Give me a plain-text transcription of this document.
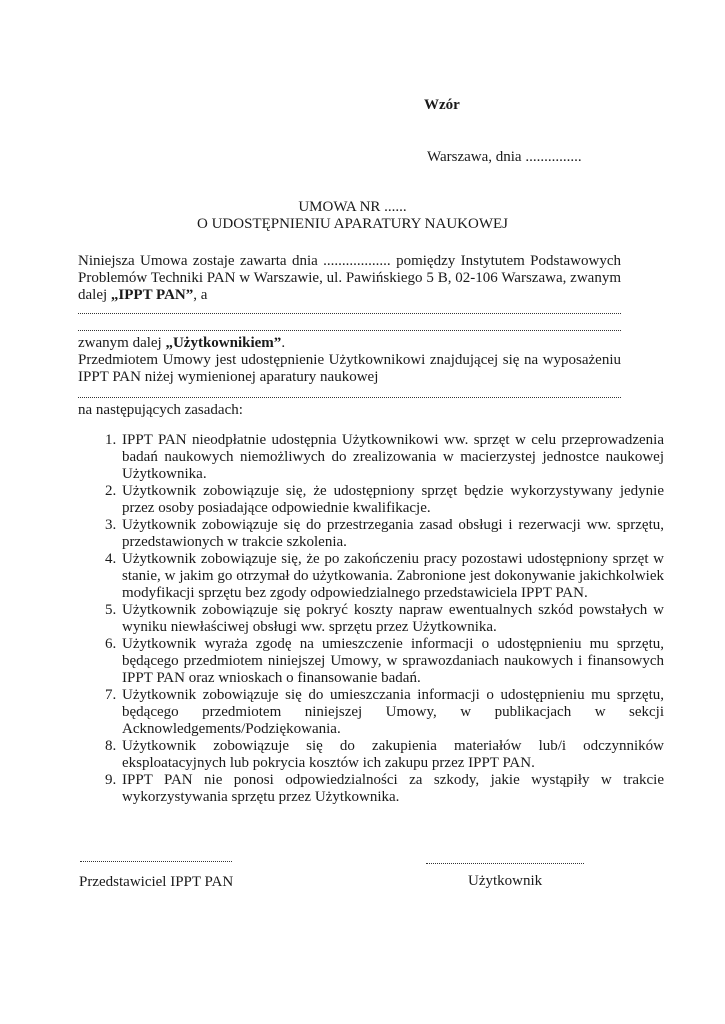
Wzór
Warszawa, dnia ...............
UMOWA NR ......
O UDOSTĘPNIENIU APARATURY NAUKOWEJ
Niniejsza Umowa zostaje zawarta dnia .................. pomiędzy Instytutem Podstawowych Problemów Techniki PAN w Warszawie, ul. Pawińskiego 5 B, 02-106 Warszawa, zwanym dalej „IPPT PAN”, a
zwanym dalej „Użytkownikiem”.
Przedmiotem Umowy jest udostępnienie Użytkownikowi znajdującej się na wyposażeniu IPPT PAN niżej wymienionej aparatury naukowej
na następujących zasadach:
1. IPPT PAN nieodpłatnie udostępnia Użytkownikowi ww. sprzęt w celu przeprowadzenia badań naukowych niemożliwych do zrealizowania w macierzystej jednostce naukowej Użytkownika.
2. Użytkownik zobowiązuje się, że udostępniony sprzęt będzie wykorzystywany jedynie przez osoby posiadające odpowiednie kwalifikacje.
3. Użytkownik zobowiązuje się do przestrzegania zasad obsługi i rezerwacji ww. sprzętu, przedstawionych w trakcie szkolenia.
4. Użytkownik zobowiązuje się, że po zakończeniu pracy pozostawi udostępniony sprzęt w stanie, w jakim go otrzymał do użytkowania. Zabronione jest dokonywanie jakichkolwiek modyfikacji sprzętu bez zgody odpowiedzialnego przedstawiciela IPPT PAN.
5. Użytkownik zobowiązuje się pokryć koszty napraw ewentualnych szkód powstałych w wyniku niewłaściwej obsługi ww. sprzętu przez Użytkownika.
6. Użytkownik wyraża zgodę na umieszczenie informacji o udostępnieniu mu sprzętu, będącego przedmiotem niniejszej Umowy, w sprawozdaniach naukowych i finansowych IPPT PAN oraz wnioskach o finansowanie badań.
7. Użytkownik zobowiązuje się do umieszczania informacji o udostępnieniu mu sprzętu, będącego przedmiotem niniejszej Umowy, w publikacjach w sekcji Acknowledgements/Podziękowania.
8. Użytkownik zobowiązuje się do zakupienia materiałów lub/i odczynników eksploatacyjnych lub pokrycia kosztów ich zakupu przez IPPT PAN.
9. IPPT PAN nie ponosi odpowiedzialności za szkody, jakie wystąpiły w trakcie wykorzystywania sprzętu przez Użytkownika.
Przedstawiciel IPPT PAN	Użytkownik
